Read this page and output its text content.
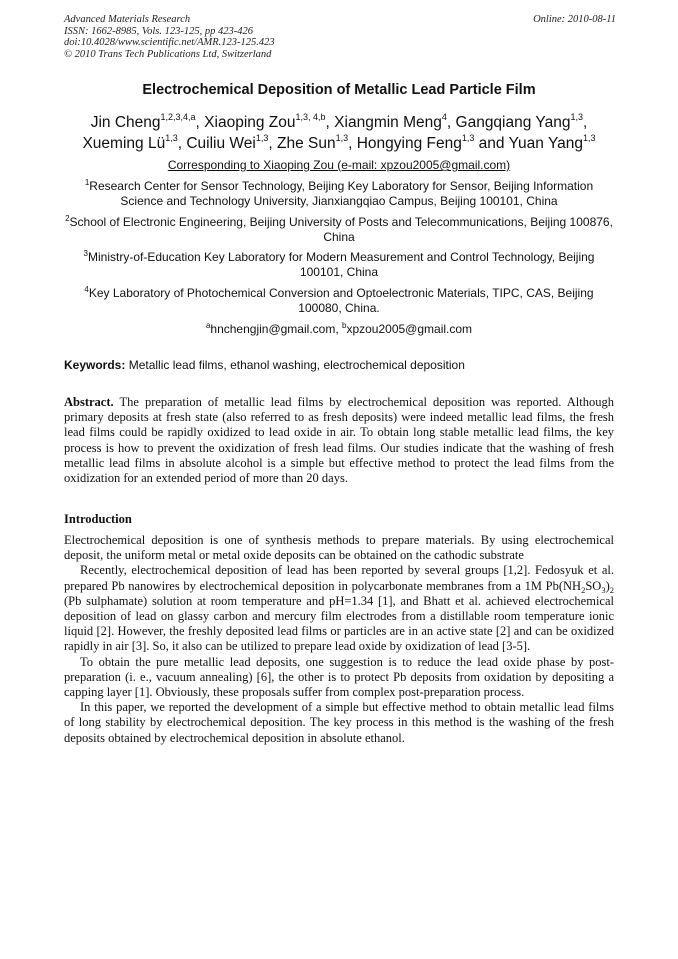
Advanced Materials Research
ISSN: 1662-8985, Vols. 123-125, pp 423-426
doi:10.4028/www.scientific.net/AMR.123-125.423
© 2010 Trans Tech Publications Ltd, Switzerland
Online: 2010-08-11
Electrochemical Deposition of Metallic Lead Particle Film
Jin Cheng$^{1,2,3,4,a}$, Xiaoping Zou$^{1,3, 4,b}$, Xiangmin Meng$^4$, Gangqiang Yang$^{1,3}$,
Xueming Lü$^{1,3}$, Cuiliu Wei$^{1,3}$, Zhe Sun$^{1,3}$, Hongying Feng$^{1,3}$ and Yuan Yang$^{1,3}$
Corresponding to Xiaoping Zou (e-mail: xpzou2005@gmail.com)
$^1$Research Center for Sensor Technology, Beijing Key Laboratory for Sensor, Beijing Information Science and Technology University, Jianxiangqiao Campus, Beijing 100101, China
$^2$School of Electronic Engineering, Beijing University of Posts and Telecommunications, Beijing 100876, China
$^3$Ministry-of-Education Key Laboratory for Modern Measurement and Control Technology, Beijing 100101, China
$^4$Key Laboratory of Photochemical Conversion and Optoelectronic Materials, TIPC, CAS, Beijing 100080, China.
$^a$hnchengjin@gmail.com, $^b$xpzou2005@gmail.com
Keywords: Metallic lead films, ethanol washing, electrochemical deposition
Abstract. The preparation of metallic lead films by electrochemical deposition was reported. Although primary deposits at fresh state (also referred to as fresh deposits) were indeed metallic lead films, the fresh lead films could be rapidly oxidized to lead oxide in air. To obtain long stable metallic lead films, the key process is how to prevent the oxidization of fresh lead films. Our studies indicate that the washing of fresh metallic lead films in absolute alcohol is a simple but effective method to protect the lead films from the oxidization for an extended period of more than 20 days.
Introduction

Electrochemical deposition is one of synthesis methods to prepare materials. By using electrochemical deposit, the uniform metal or metal oxide deposits can be obtained on the cathodic substrate

Recently, electrochemical deposition of lead has been reported by several groups [1,2]. Fedosyuk et al. prepared Pb nanowires by electrochemical deposition in polycarbonate membranes from a 1M $Pb(NH_2SO_3)_2$ (Pb sulphamate) solution at room temperature and pH=1.34 [1], and Bhatt et al. achieved electrochemical deposition of lead on glassy carbon and mercury film electrodes from a distillable room temperature ionic liquid [2]. However, the freshly deposited lead films or particles are in an active state [2] and can be oxidized rapidly in air [3]. So, it also can be utilized to prepare lead oxide by oxidization of lead [3-5].

To obtain the pure metallic lead deposits, one suggestion is to reduce the lead oxide phase by post-preparation (i. e., vacuum annealing) [6], the other is to protect Pb deposits from oxidation by depositing a capping layer [1]. Obviously, these proposals suffer from complex post-preparation process.

In this paper, we reported the development of a simple but effective method to obtain metallic lead films of long stability by electrochemical deposition. The key process in this method is the washing of the fresh deposits obtained by electrochemical deposition in absolute ethanol.
